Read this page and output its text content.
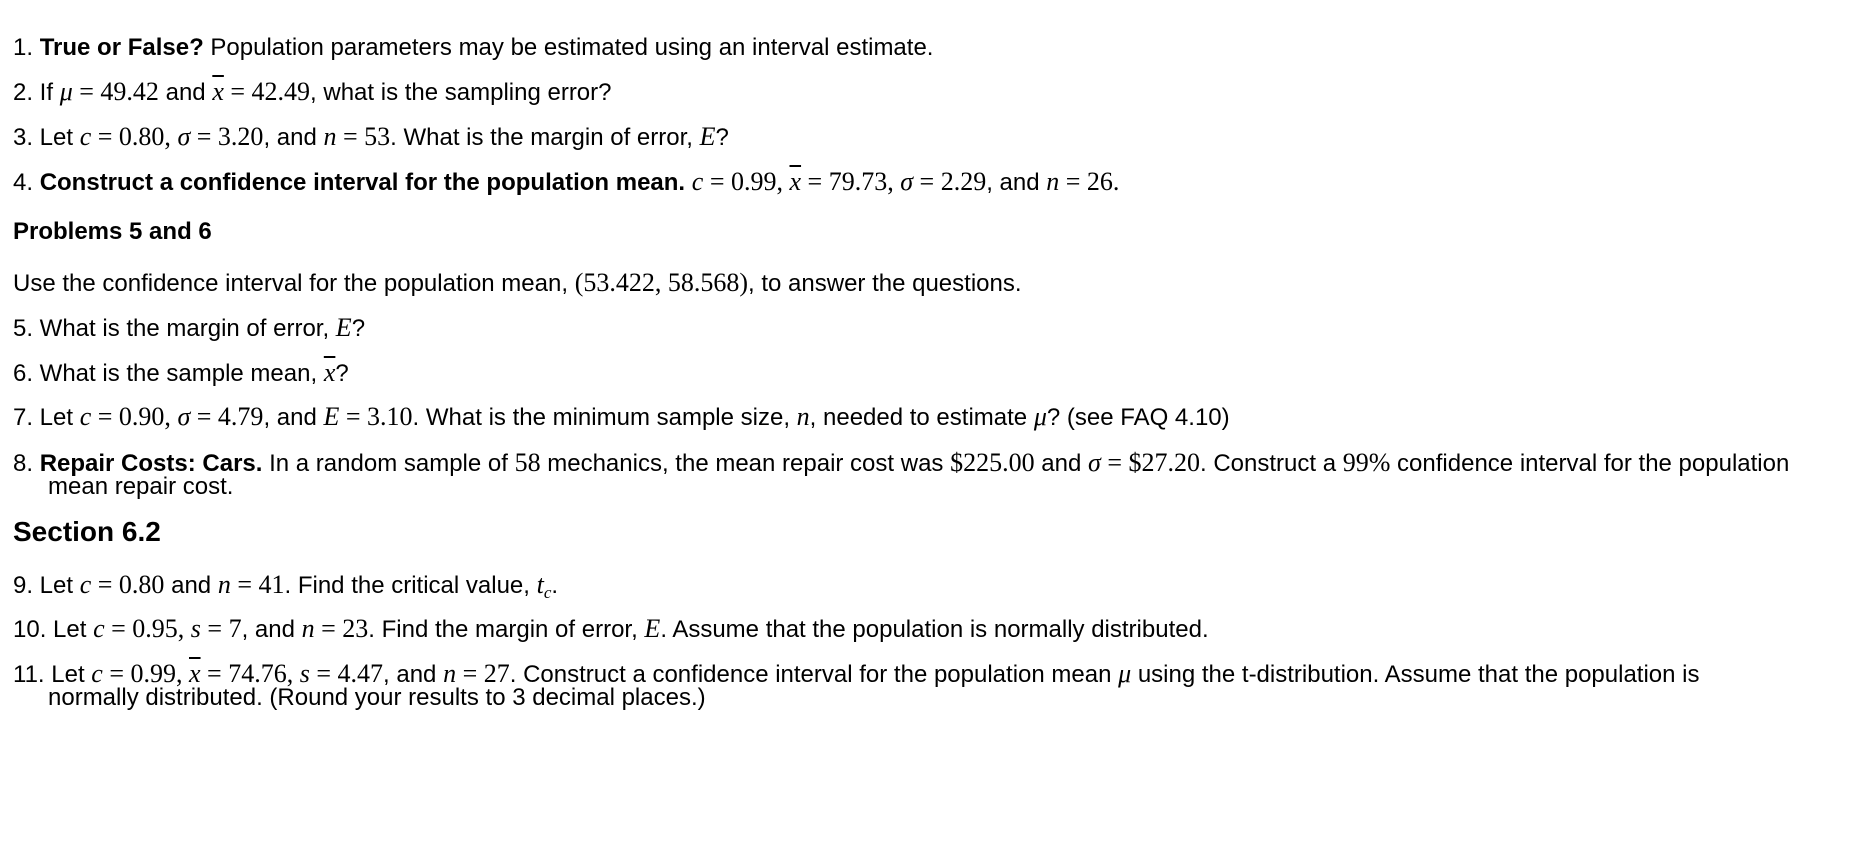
1. True or False? Population parameters may be estimated using an interval estimate.
2. If μ = 49.42 and $\overline{x} = 42.49$, what is the sampling error?
3. Let c = 0.80, σ = 3.20, and n = 53. What is the margin of error, E?
4. Construct a confidence interval for the population mean. c = 0.99, $\overline{x} = 79.73$, σ = 2.29, and n = 26.
Problems 5 and 6
Use the confidence interval for the population mean, (53.422, 58.568), to answer the questions.
5. What is the margin of error, E?
6. What is the sample mean, $\overline{x}$?
7. Let c = 0.90, σ = 4.79, and E = 3.10. What is the minimum sample size, n, needed to estimate μ? (see FAQ 4.10)
8. Repair Costs: Cars. In a random sample of 58 mechanics, the mean repair cost was $225.00 and σ = $27.20. Construct a 99% confidence interval for the population
mean repair cost.
Section 6.2
9. Let c = 0.80 and n = 41. Find the critical value, $t_c$.
10. Let c = 0.95, s = 7, and n = 23. Find the margin of error, E. Assume that the population is normally distributed.
11. Let c = 0.99, $\overline{x} = 74.76$, s = 4.47, and n = 27. Construct a confidence interval for the population mean μ using the t-distribution. Assume that the population is
normally distributed. (Round your results to 3 decimal places.)
